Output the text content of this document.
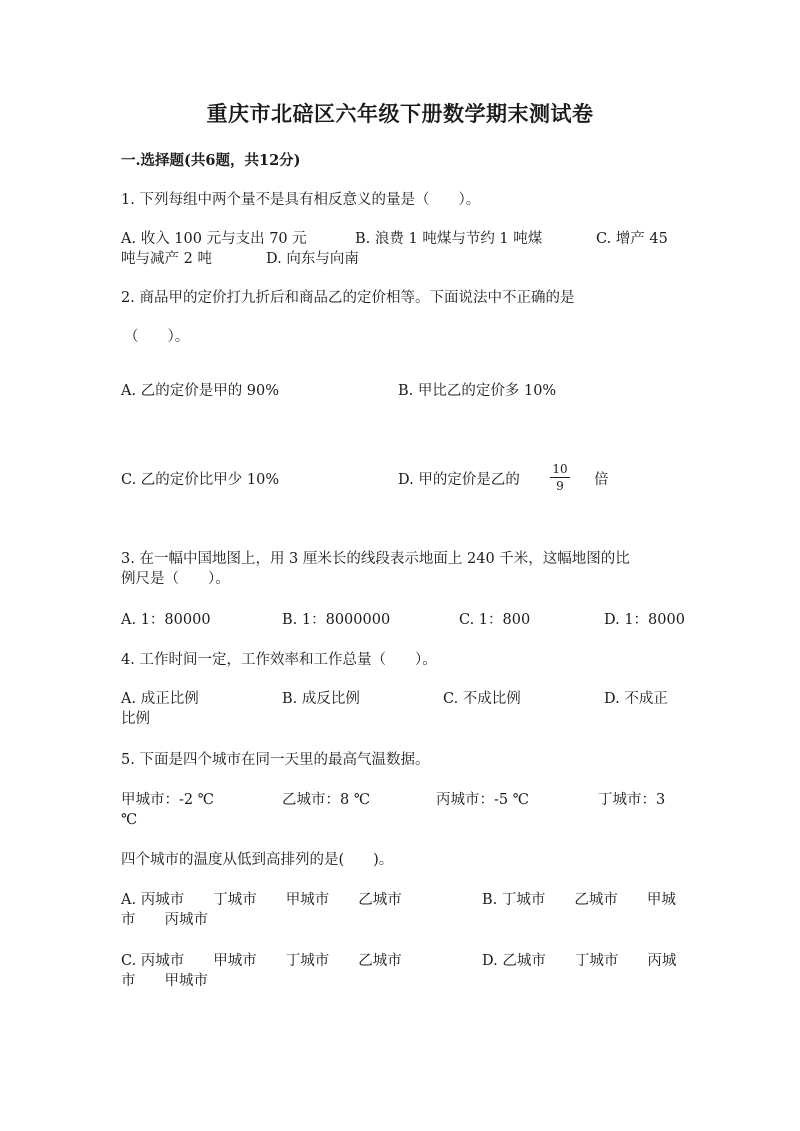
重庆市北碚区六年级下册数学期末测试卷
一.选择题(共6题，共12分)
1. 下列每组中两个量不是具有相反意义的量是（　　）。
A. 收入 100 元与支出 70 元	B. 浪费 1 吨煤与节约 1 吨煤	C. 增产 45
吨与减产 2 吨	D. 向东与向南
2. 商品甲的定价打九折后和商品乙的定价相等。下面说法中不正确的是
（　　）。
A. 乙的定价是甲的 90%	B. 甲比乙的定价多 10%
C. 乙的定价比甲少 10%	D. 甲的定价是乙的
10
9	倍
3. 在一幅中国地图上，用 3 厘米长的线段表示地面上 240 千米，这幅地图的比
例尺是（　　）。
A. 1：80000	B. 1：8000000	C. 1：800	D. 1：8000
4. 工作时间一定，工作效率和工作总量（　　）。
A. 成正比例	B. 成反比例	C. 不成比例	D. 不成正
比例
5. 下面是四个城市在同一天里的最高气温数据。
甲城市：-2 ℃	乙城市：8 ℃	丙城市：-5 ℃	丁城市：3
℃
四个城市的温度从低到高排列的是(　　)。
A. 丙城市　　丁城市　　甲城市　　乙城市	B. 丁城市　　乙城市　　甲城
市　　丙城市
C. 丙城市　　甲城市　　丁城市　　乙城市	D. 乙城市　　丁城市　　丙城
市　　甲城市
